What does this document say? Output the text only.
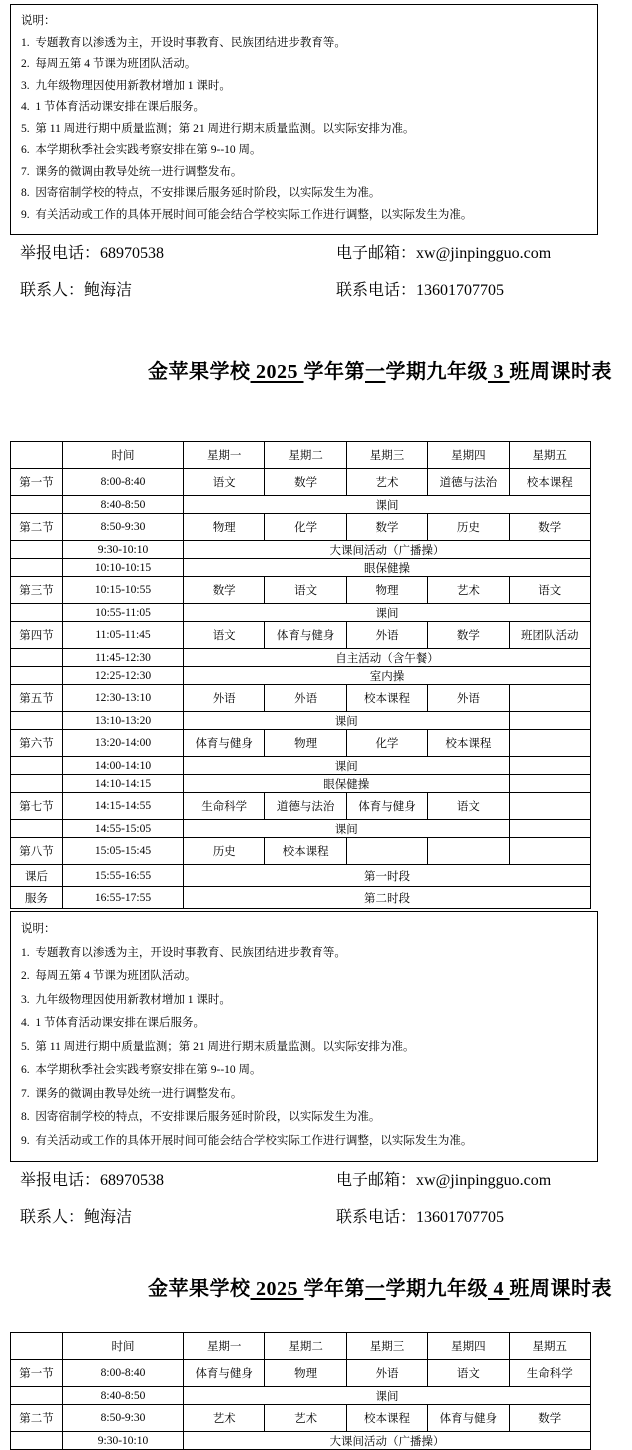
说明：
1.  专题教育以渗透为主，开设时事教育、民族团结进步教育等。
2.  每周五第 4 节课为班团队活动。
3.  九年级物理因使用新教材增加 1 课时。
4.  1 节体育活动课安排在课后服务。
5.  第 11 周进行期中质量监测；第 21 周进行期末质量监测。以实际安排为准。
6.  本学期秋季社会实践考察安排在第 9--10 周。
7.  课务的微调由教导处统一进行调整发布。
8.  因寄宿制学校的特点，不安排课后服务延时阶段，以实际发生为准。
9.  有关活动或工作的具体开展时间可能会结合学校实际工作进行调整，以实际发生为准。
举报电话：68970538	电子邮箱：xw@jinpingguo.com
联系人：鲍海洁	联系电话：13601707705
金苹果学校 2025 学年第一学期九年级 3 班周课时表
	时间	星期一	星期二	星期三	星期四	星期五
第一节	8:00-8:40	语文	数学	艺术	道德与法治	校本课程
	8:40-8:50	课间				
第二节	8:50-9:30	物理	化学	数学	历史	数学
	9:30-10:10	大课间活动（广播操）				
	10:10-10:15	眼保健操				
第三节	10:15-10:55	数学	语文	物理	艺术	语文
	10:55-11:05	课间				
第四节	11:05-11:45	语文	体育与健身	外语	数学	班团队活动
	11:45-12:30	自主活动（含午餐）				
	12:25-12:30	室内操				
第五节	12:30-13:10	外语	外语	校本课程	外语	
	13:10-13:20	课间				
第六节	13:20-14:00	体育与健身	物理	化学	校本课程	
	14:00-14:10	课间				
	14:10-14:15	眼保健操				
第七节	14:15-14:55	生命科学	道德与法治	体育与健身	语文	
	14:55-15:05	课间				
第八节	15:05-15:45	历史	校本课程			
课后	15:55-16:55	第一时段				
服务	16:55-17:55	第二时段				
说明：
1.  专题教育以渗透为主，开设时事教育、民族团结进步教育等。
2.  每周五第 4 节课为班团队活动。
3.  九年级物理因使用新教材增加 1 课时。
4.  1 节体育活动课安排在课后服务。
5.  第 11 周进行期中质量监测；第 21 周进行期末质量监测。以实际安排为准。
6.  本学期秋季社会实践考察安排在第 9--10 周。
7.  课务的微调由教导处统一进行调整发布。
8.  因寄宿制学校的特点，不安排课后服务延时阶段，以实际发生为准。
9.  有关活动或工作的具体开展时间可能会结合学校实际工作进行调整，以实际发生为准。
举报电话：68970538	电子邮箱：xw@jinpingguo.com
联系人：鲍海洁	联系电话：13601707705
金苹果学校 2025 学年第一学期九年级 4 班周课时表
	时间	星期一	星期二	星期三	星期四	星期五
第一节	8:00-8:40	体育与健身	物理	外语	语文	生命科学
	8:40-8:50	课间				
第二节	8:50-9:30	艺术	艺术	校本课程	体育与健身	数学
	9:30-10:10	大课间活动（广播操）				
